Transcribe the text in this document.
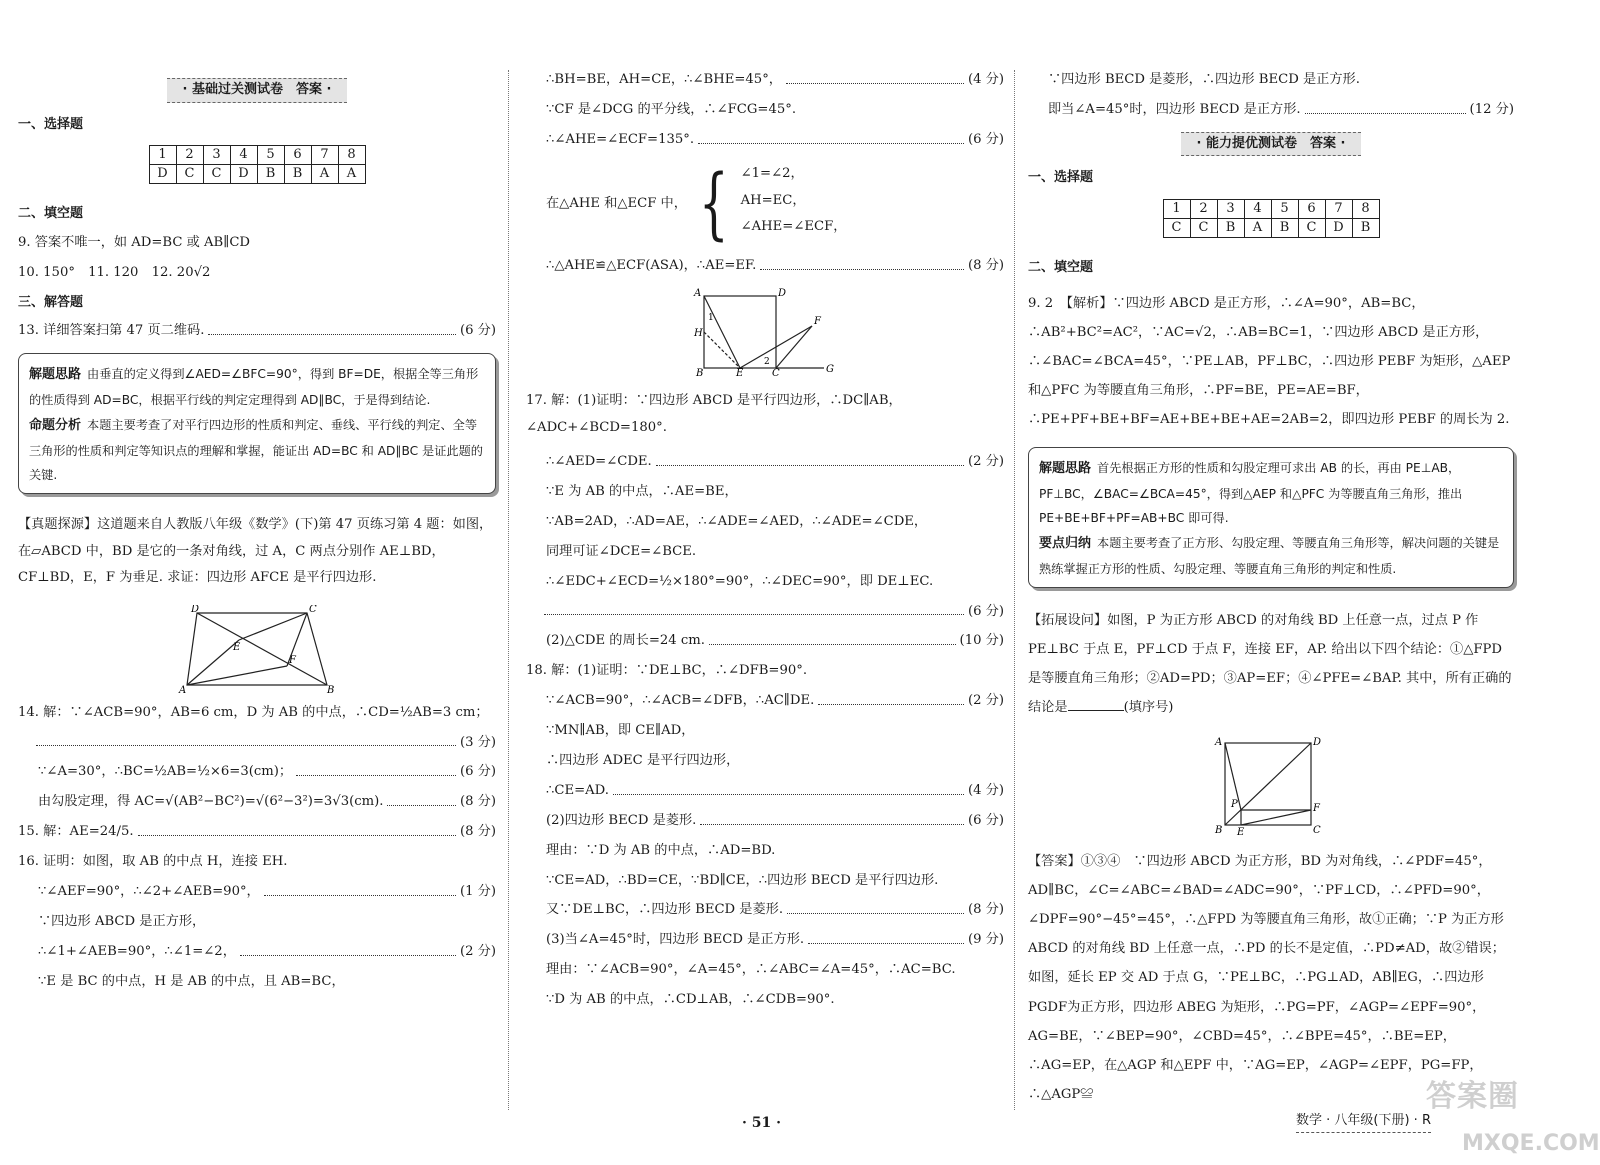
· 基础过关测试卷　答案 ·
一、选择题
1	2	3	4	5	6	7	8
D	C	C	D	B	B	A	A
二、填空题
9. 答案不唯一，如 AD=BC 或 AB∥CD
10. 150°　11. 120　12. 20√2
三、解答题
13. 详细答案扫第 47 页二维码.	(6 分)
解题思路 由垂直的定义得到∠AED=∠BFC=90°，得到 BF=DE，根据全等三角形的性质得到 AD=BC，根据平行线的判定定理得到 AD∥BC，于是得到结论.
命题分析 本题主要考查了对平行四边形的性质和判定、垂线、平行线的判定、全等三角形的性质和判定等知识点的理解和掌握，能证出 AD=BC 和 AD∥BC 是证此题的关键.
【真题探源】这道题来自人教版八年级《数学》(下)第 47 页练习第 4 题：如图，在▱ABCD 中，BD 是它的一条对角线，过 A，C 两点分别作 AE⊥BD，CF⊥BD，E，F 为垂足. 求证：四边形 AFCE 是平行四边形.
D	C
E
F
A	B
14. 解：∵∠ACB=90°，AB=6 cm，D 为 AB 的中点，∴CD=½AB=3 cm；
(3 分)
∵∠A=30°，∴BC=½AB=½×6=3(cm)；	(6 分)
由勾股定理，得 AC=√(AB²−BC²)=√(6²−3²)=3√3(cm).	(8 分)
15. 解：AE=24/5.	(8 分)
16. 证明：如图，取 AB 的中点 H，连接 EH.
∵∠AEF=90°，∴∠2+∠AEB=90°，	(1 分)
∵四边形 ABCD 是正方形，
∴∠1+∠AEB=90°，∴∠1=∠2，	(2 分)
∵E 是 BC 的中点，H 是 AB 的中点，且 AB=BC，
∴BH=BE，AH=CE，∴∠BHE=45°，	(4 分)
∵CF 是∠DCG 的平分线，∴∠FCG=45°.
∴∠AHE=∠ECF=135°.	(6 分)
在△AHE 和△ECF 中， { ∠1=∠2，
AH=EC，
∠AHE=∠ECF，
∴△AHE≌△ECF(ASA)，∴AE=EF.	(8 分)
A	D
H
1	F
2
B	E	C	G
17. 解：(1)证明：∵四边形 ABCD 是平行四边形，∴DC∥AB，∠ADC+∠BCD=180°.
∴∠AED=∠CDE.	(2 分)
∵E 为 AB 的中点，∴AE=BE，
∵AB=2AD，∴AD=AE，∴∠ADE=∠AED，∴∠ADE=∠CDE，
同理可证∠DCE=∠BCE.
∴∠EDC+∠ECD=½×180°=90°，∴∠DEC=90°，即 DE⊥EC.
(6 分)
(2)△CDE 的周长=24 cm.	(10 分)
18. 解：(1)证明：∵DE⊥BC，∴∠DFB=90°.
∵∠ACB=90°，∴∠ACB=∠DFB，∴AC∥DE.	(2 分)
∵MN∥AB，即 CE∥AD，
∴四边形 ADEC 是平行四边形，
∴CE=AD.	(4 分)
(2)四边形 BECD 是菱形.	(6 分)
理由：∵D 为 AB 的中点，∴AD=BD.
∵CE=AD，∴BD=CE，∵BD∥CE，∴四边形 BECD 是平行四边形.
又∵DE⊥BC，∴四边形 BECD 是菱形.	(8 分)
(3)当∠A=45°时，四边形 BECD 是正方形.	(9 分)
理由：∵∠ACB=90°，∠A=45°，∴∠ABC=∠A=45°，∴AC=BC.
∵D 为 AB 的中点，∴CD⊥AB，∴∠CDB=90°.
∵四边形 BECD 是菱形，∴四边形 BECD 是正方形.
即当∠A=45°时，四边形 BECD 是正方形.	(12 分)
· 能力提优测试卷　答案 ·
一、选择题
1	2	3	4	5	6	7	8
C	C	B	A	B	C	D	B
二、填空题
9. 2　【解析】∵四边形 ABCD 是正方形，∴∠A=90°，AB=BC，∴AB²+BC²=AC²，∵AC=√2，∴AB=BC=1，∵四边形 ABCD 是正方形，∴∠BAC=∠BCA=45°，∵PE⊥AB，PF⊥BC，∴四边形 PEBF 为矩形，△AEP 和△PFC 为等腰直角三角形，∴PF=BE，PE=AE=BF，∴PE+PF+BE+BF=AE+BE+BE+AE=2AB=2，即四边形 PEBF 的周长为 2.
解题思路 首先根据正方形的性质和勾股定理可求出 AB 的长，再由 PE⊥AB，PF⊥BC，∠BAC=∠BCA=45°，得到△AEP 和△PFC 为等腰直角三角形，推出 PE+BE+BF+PF=AB+BC 即可得.
要点归纳 本题主要考查了正方形、勾股定理、等腰直角三角形等，解决问题的关键是熟练掌握正方形的性质、勾股定理、等腰直角三角形的判定和性质.
【拓展设问】如图，P 为正方形 ABCD 的对角线 BD 上任意一点，过点 P 作 PE⊥BC 于点 E，PF⊥CD 于点 F，连接 EF，AP. 给出以下四个结论：①△FPD 是等腰直角三角形；②AD=PD；③AP=EF；④∠PFE=∠BAP. 其中，所有正确的结论是	(填序号)
A	D
P	F
B E	C
【答案】①③④　∵四边形 ABCD 为正方形，BD 为对角线，∴∠PDF=45°，AD∥BC，∠C=∠ABC=∠BAD=∠ADC=90°，∵PF⊥CD，∴∠PFD=90°，∠DPF=90°−45°=45°，∴△FPD 为等腰直角三角形，故①正确；∵P 为正方形 ABCD 的对角线 BD 上任意一点，∴PD 的长不是定值，∴PD≠AD，故②错误；如图，延长 EP 交 AD 于点 G，∵PE⊥BC，∴PG⊥AD，AB∥EG，∴四边形 PGDF为正方形，四边形 ABEG 为矩形，∴PG=PF，∠AGP=∠EPF=90°，AG=BE，∵∠BEP=90°，∠CBD=45°，∴∠BPE=45°，∴BE=EP，∴AG=EP，在△AGP 和△EPF 中，∵AG=EP，∠AGP=∠EPF，PG=FP，∴△AGP≌
· 51 ·	数学 · 八年级(下册) · R
答案圈
MXQE.COM
